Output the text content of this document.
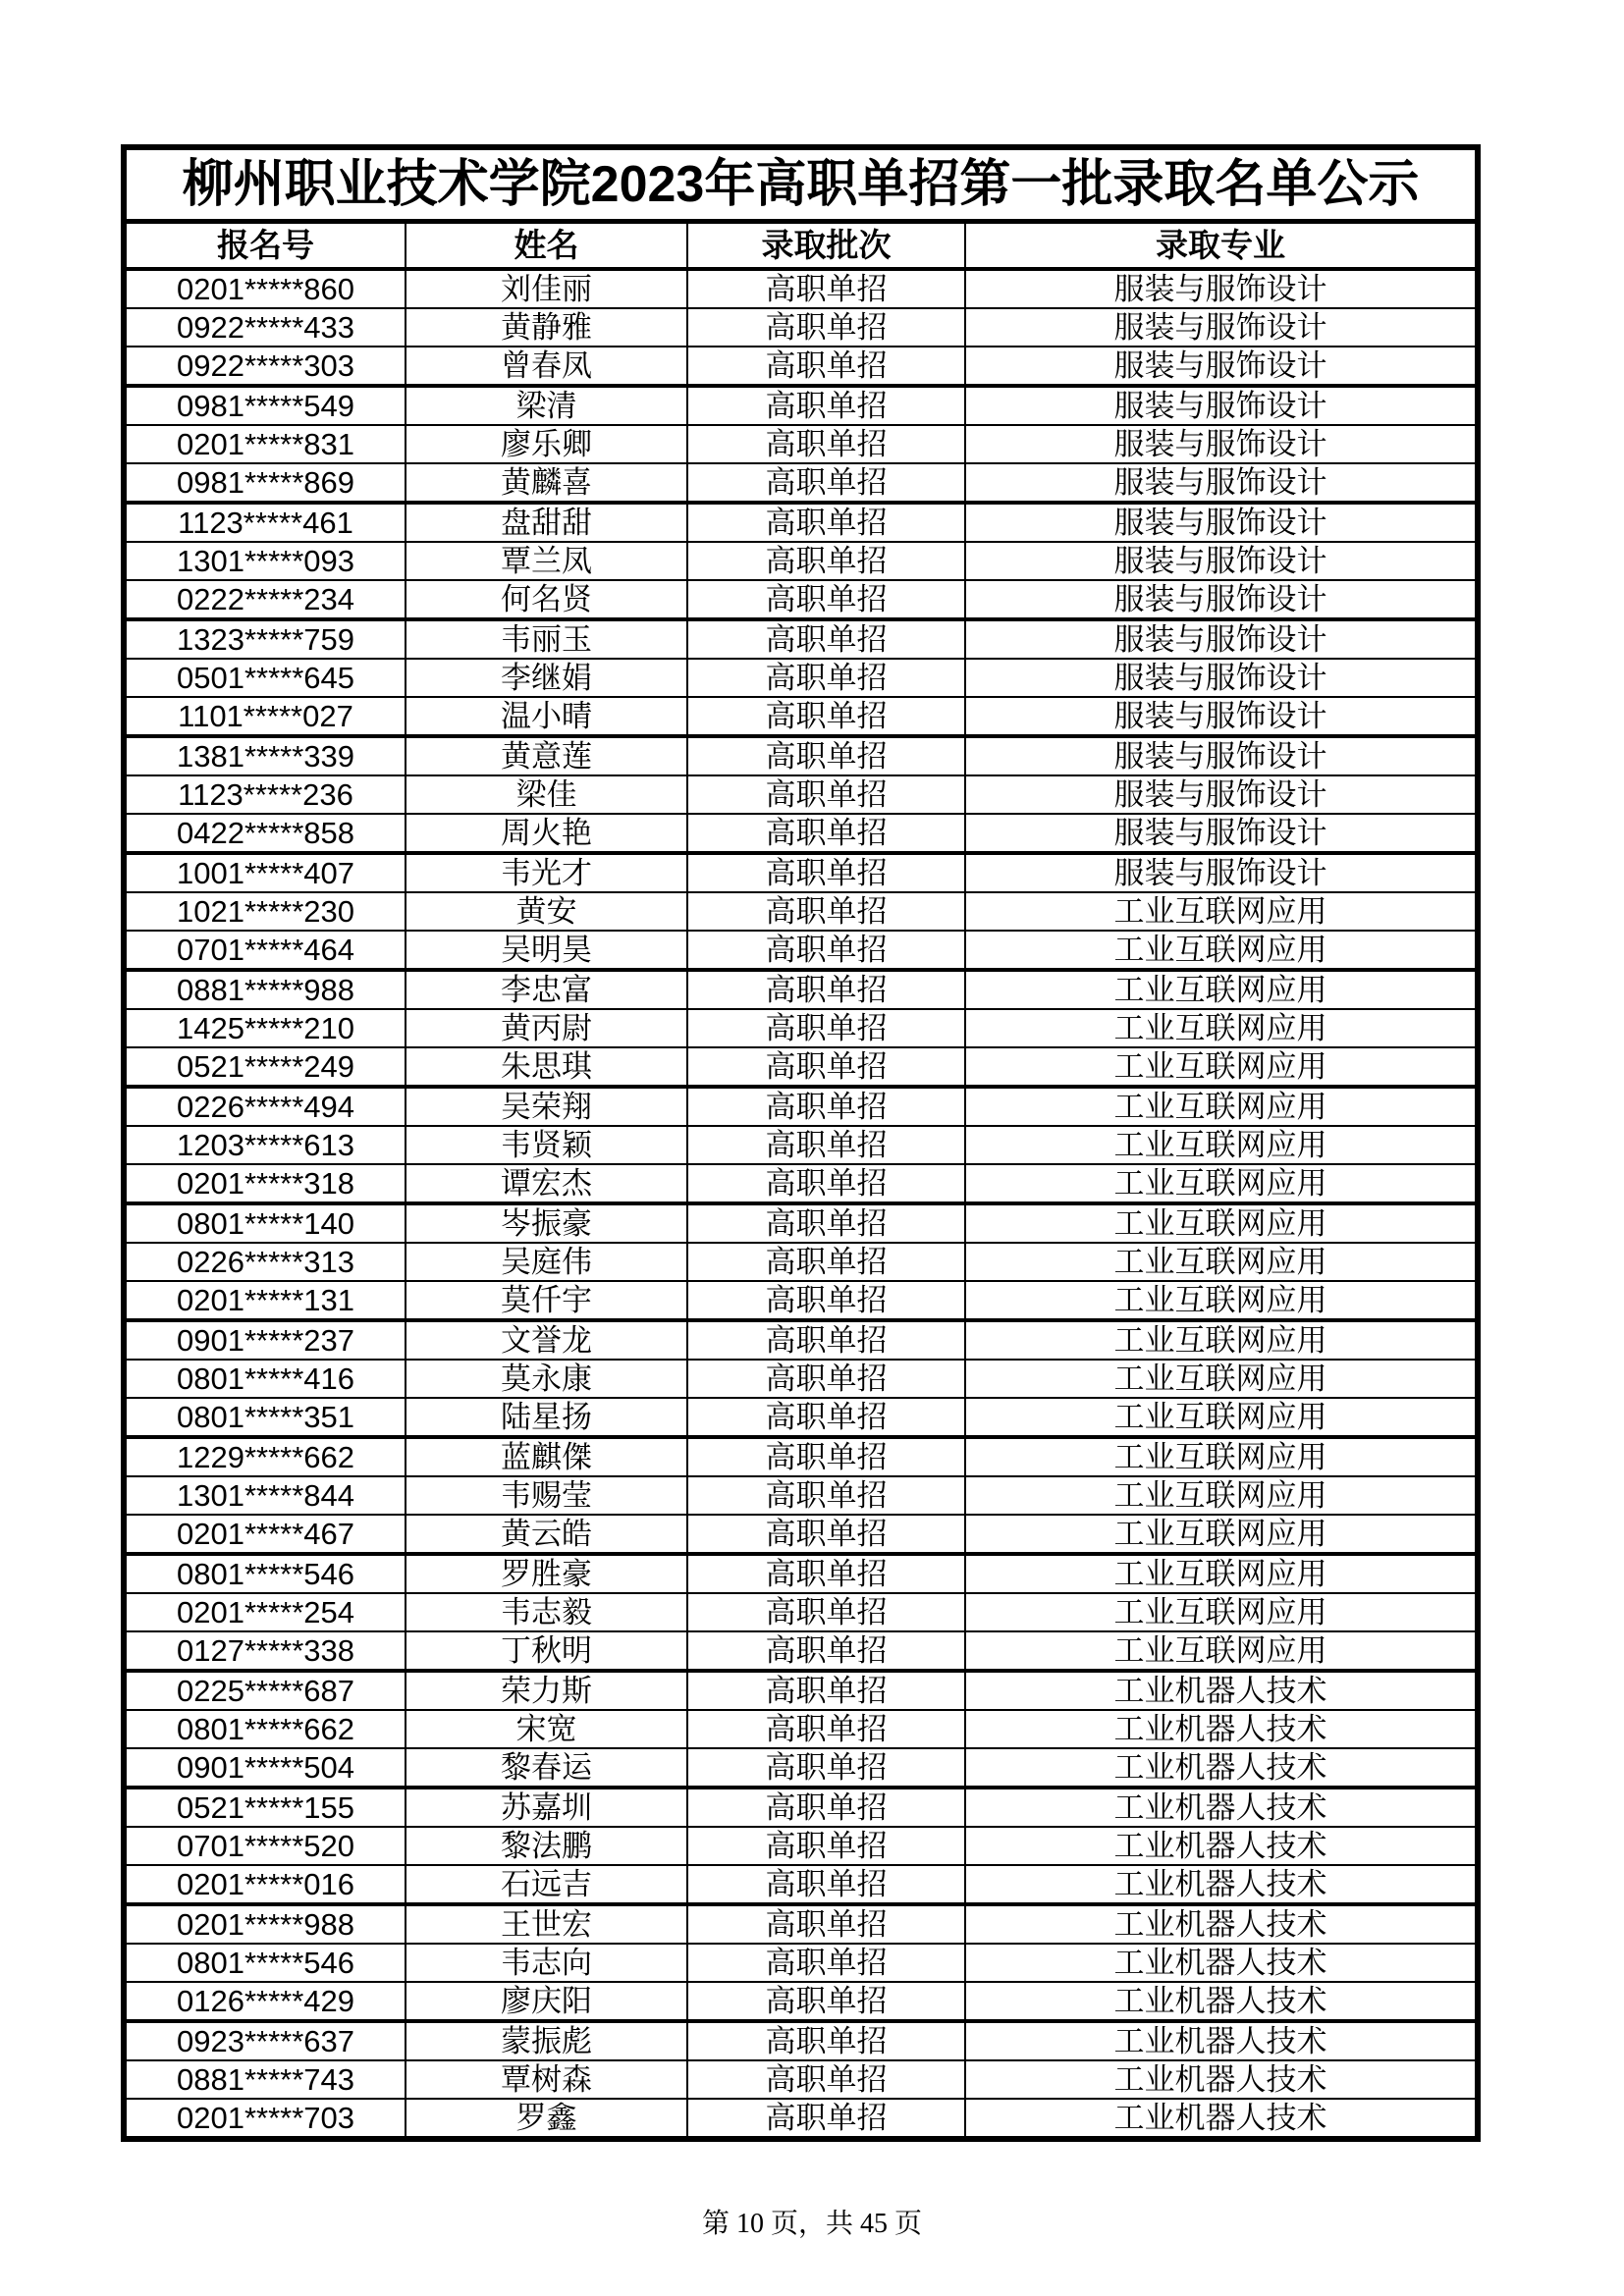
柳州职业技术学院2023年高职单招第一批录取名单公示			
报名号	姓名	录取批次	录取专业
0201*****860	刘佳丽	高职单招	服装与服饰设计
0922*****433	黄静雅	高职单招	服装与服饰设计
0922*****303	曾春凤	高职单招	服装与服饰设计
0981*****549	梁清	高职单招	服装与服饰设计
0201*****831	廖乐卿	高职单招	服装与服饰设计
0981*****869	黄麟喜	高职单招	服装与服饰设计
1123*****461	盘甜甜	高职单招	服装与服饰设计
1301*****093	覃兰凤	高职单招	服装与服饰设计
0222*****234	何名贤	高职单招	服装与服饰设计
1323*****759	韦丽玉	高职单招	服装与服饰设计
0501*****645	李继娟	高职单招	服装与服饰设计
1101*****027	温小晴	高职单招	服装与服饰设计
1381*****339	黄意莲	高职单招	服装与服饰设计
1123*****236	梁佳	高职单招	服装与服饰设计
0422*****858	周火艳	高职单招	服装与服饰设计
1001*****407	韦光才	高职单招	服装与服饰设计
1021*****230	黄安	高职单招	工业互联网应用
0701*****464	吴明昊	高职单招	工业互联网应用
0881*****988	李忠富	高职单招	工业互联网应用
1425*****210	黄丙尉	高职单招	工业互联网应用
0521*****249	朱思琪	高职单招	工业互联网应用
0226*****494	吴荣翔	高职单招	工业互联网应用
1203*****613	韦贤颖	高职单招	工业互联网应用
0201*****318	谭宏杰	高职单招	工业互联网应用
0801*****140	岑振豪	高职单招	工业互联网应用
0226*****313	吴庭伟	高职单招	工业互联网应用
0201*****131	莫仟宇	高职单招	工业互联网应用
0901*****237	文誉龙	高职单招	工业互联网应用
0801*****416	莫永康	高职单招	工业互联网应用
0801*****351	陆星扬	高职单招	工业互联网应用
1229*****662	蓝麒傑	高职单招	工业互联网应用
1301*****844	韦赐莹	高职单招	工业互联网应用
0201*****467	黄云皓	高职单招	工业互联网应用
0801*****546	罗胜豪	高职单招	工业互联网应用
0201*****254	韦志毅	高职单招	工业互联网应用
0127*****338	丁秋明	高职单招	工业互联网应用
0225*****687	荣力斯	高职单招	工业机器人技术
0801*****662	宋宽	高职单招	工业机器人技术
0901*****504	黎春运	高职单招	工业机器人技术
0521*****155	苏嘉圳	高职单招	工业机器人技术
0701*****520	黎法鹏	高职单招	工业机器人技术
0201*****016	石远吉	高职单招	工业机器人技术
0201*****988	王世宏	高职单招	工业机器人技术
0801*****546	韦志向	高职单招	工业机器人技术
0126*****429	廖庆阳	高职单招	工业机器人技术
0923*****637	蒙振彪	高职单招	工业机器人技术
0881*****743	覃树森	高职单招	工业机器人技术
0201*****703	罗鑫	高职单招	工业机器人技术
第 10 页，共 45 页
